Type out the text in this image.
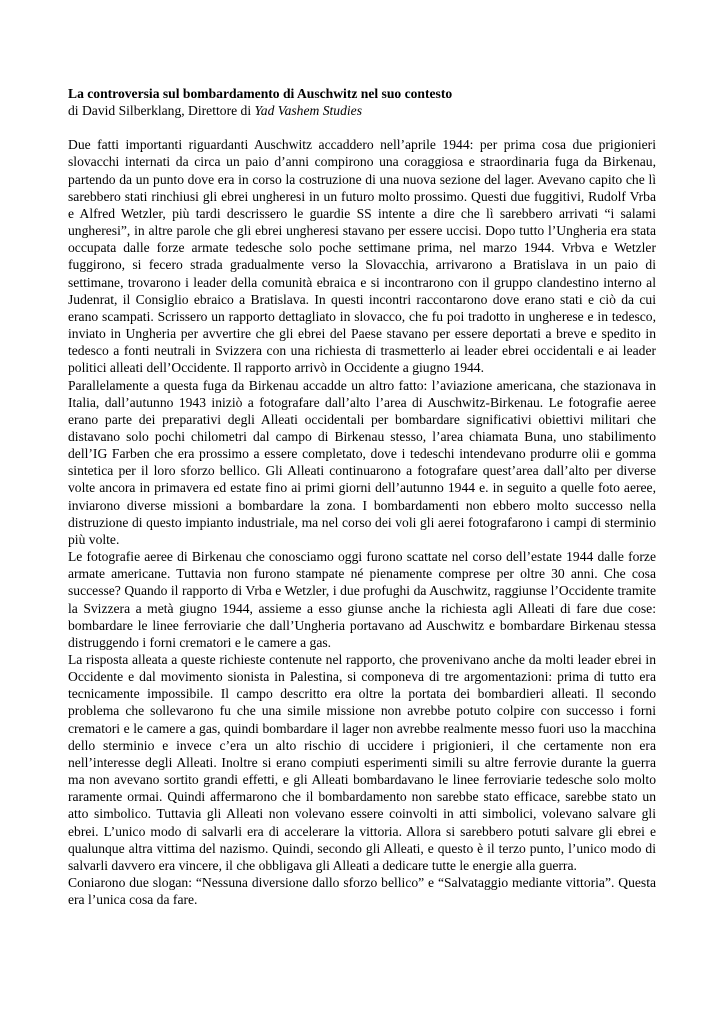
La controversia sul bombardamento di Auschwitz nel suo contesto

di David Silberklang, Direttore di Yad Vashem Studies

Due fatti importanti riguardanti Auschwitz accaddero nell’aprile 1944: per prima cosa due prigionieri slovacchi internati da circa un paio d’anni compirono una coraggiosa e straordinaria fuga da Birkenau, partendo da un punto dove era in corso la costruzione di una nuova sezione del lager. Avevano capito che lì sarebbero stati rinchiusi gli ebrei ungheresi in un futuro molto prossimo. Questi due fuggitivi, Rudolf Vrba e Alfred Wetzler, più tardi descrissero le guardie SS intente a dire che lì sarebbero arrivati “i salami ungheresi”, in altre parole che gli ebrei ungheresi stavano per essere uccisi. Dopo tutto l’Ungheria era stata occupata dalle forze armate tedesche solo poche settimane prima, nel marzo 1944. Vrbva e Wetzler fuggirono, si fecero strada gradualmente verso la Slovacchia, arrivarono a Bratislava in un paio di settimane, trovarono i leader della comunità ebraica e si incontrarono con il gruppo clandestino interno al Judenrat, il Consiglio ebraico a Bratislava. In questi incontri raccontarono dove erano stati e ciò da cui erano scampati. Scrissero un rapporto dettagliato in slovacco, che fu poi tradotto in ungherese e in tedesco, inviato in Ungheria per avvertire che gli ebrei del Paese stavano per essere deportati a breve e spedito in tedesco a fonti neutrali in Svizzera con una richiesta di trasmetterlo ai leader ebrei occidentali e ai leader politici alleati dell’Occidente. Il rapporto arrivò in Occidente a giugno 1944.

Parallelamente a questa fuga da Birkenau accadde un altro fatto: l’aviazione americana, che stazionava in Italia, dall’autunno 1943 iniziò a fotografare dall’alto l’area di Auschwitz-Birkenau. Le fotografie aeree erano parte dei preparativi degli Alleati occidentali per bombardare significativi obiettivi militari che distavano solo pochi chilometri dal campo di Birkenau stesso, l’area chiamata Buna, uno stabilimento dell’IG Farben che era prossimo a essere completato, dove i tedeschi intendevano produrre olii e gomma sintetica per il loro sforzo bellico. Gli Alleati continuarono a fotografare quest’area dall’alto per diverse volte ancora in primavera ed estate fino ai primi giorni dell’autunno 1944 e. in seguito a quelle foto aeree, inviarono diverse missioni a bombardare la zona. I bombardamenti non ebbero molto successo nella distruzione di questo impianto industriale, ma nel corso dei voli gli aerei fotografarono i campi di sterminio più volte.

Le fotografie aeree di Birkenau che conosciamo oggi furono scattate nel corso dell’estate 1944 dalle forze armate americane. Tuttavia non furono stampate né pienamente comprese per oltre 30 anni. Che cosa successe? Quando il rapporto di Vrba e Wetzler, i due profughi da Auschwitz, raggiunse l’Occidente tramite la Svizzera a metà giugno 1944, assieme a esso giunse anche la richiesta agli Alleati di fare due cose: bombardare le linee ferroviarie che dall’Ungheria portavano ad Auschwitz e bombardare Birkenau stessa distruggendo i forni crematori e le camere a gas.

La risposta alleata a queste richieste contenute nel rapporto, che provenivano anche da molti leader ebrei in Occidente e dal movimento sionista in Palestina, si componeva di tre argomentazioni: prima di tutto era tecnicamente impossibile. Il campo descritto era oltre la portata dei bombardieri alleati. Il secondo problema che sollevarono fu che una simile missione non avrebbe potuto colpire con successo i forni crematori e le camere a gas, quindi bombardare il lager non avrebbe realmente messo fuori uso la macchina dello sterminio e invece c’era un alto rischio di uccidere i prigionieri, il che certamente non era nell’interesse degli Alleati. Inoltre si erano compiuti esperimenti simili su altre ferrovie durante la guerra ma non avevano sortito grandi effetti, e gli Alleati bombardavano le linee ferroviarie tedesche solo molto raramente ormai. Quindi affermarono che il bombardamento non sarebbe stato efficace, sarebbe stato un atto simbolico. Tuttavia gli Alleati non volevano essere coinvolti in atti simbolici, volevano salvare gli ebrei. L’unico modo di salvarli era di accelerare la vittoria. Allora si sarebbero potuti salvare gli ebrei e qualunque altra vittima del nazismo. Quindi, secondo gli Alleati, e questo è il terzo punto, l’unico modo di salvarli davvero era vincere, il che obbligava gli Alleati a dedicare tutte le energie alla guerra.

Coniarono due slogan: “Nessuna diversione dallo sforzo bellico” e “Salvataggio mediante vittoria”. Questa era l’unica cosa da fare.
